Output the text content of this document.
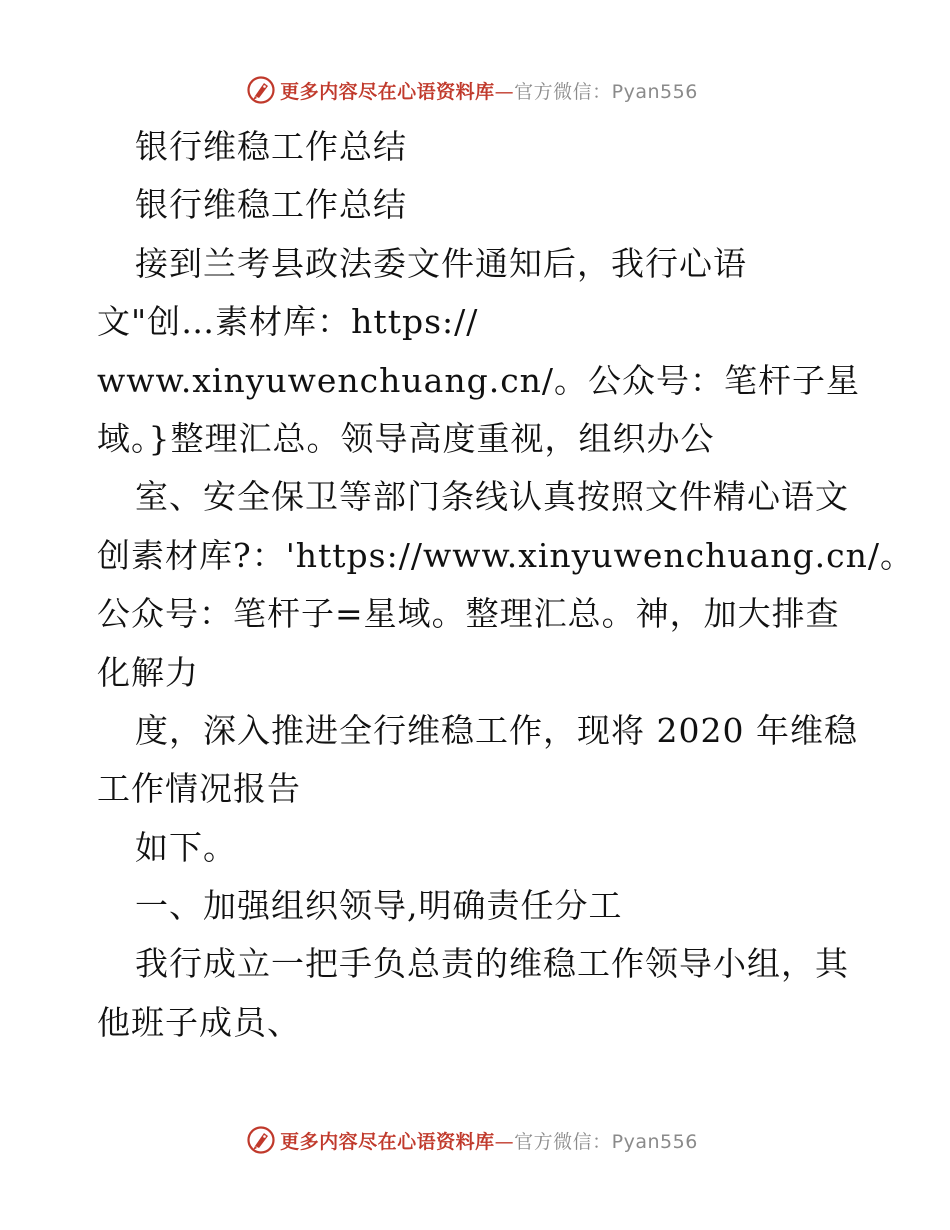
更多内容尽在心语资料库—官方微信：Pyan556
银行维稳工作总结
银行维稳工作总结
接到兰考县政法委文件通知后，我行心语
文"创…素材库：https://
www.xinyuwenchuang.cn/。公众号：笔杆子星
域。}整理汇总。领导高度重视，组织办公
室、安全保卫等部门条线认真按照文件精心语文
创素材库?：'https://www.xinyuwenchuang.cn/。
公众号：笔杆子=星域。整理汇总。神，加大排查
化解力
度，深入推进全行维稳工作，现将 2020 年维稳
工作情况报告
如下。
一、加强组织领导,明确责任分工
我行成立一把手负总责的维稳工作领导小组，其
他班子成员、
更多内容尽在心语资料库—官方微信：Pyan556
